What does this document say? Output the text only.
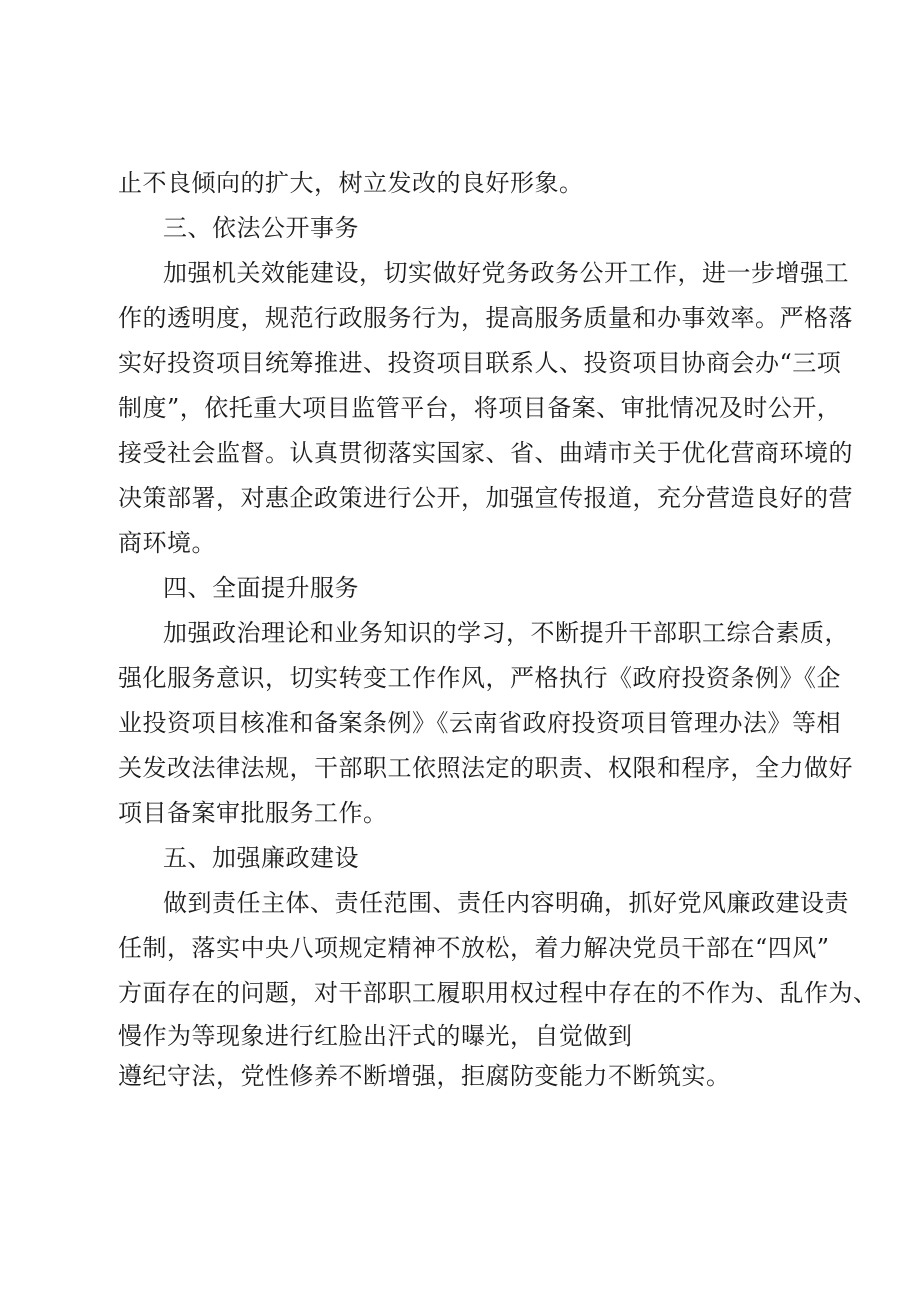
止不良倾向的扩大，树立发改的良好形象。
三、依法公开事务
加强机关效能建设，切实做好党务政务公开工作，进一步增强工
作的透明度，规范行政服务行为，提高服务质量和办事效率。严格落
实好投资项目统筹推进、投资项目联系人、投资项目协商会办“三项
制度”，依托重大项目监管平台，将项目备案、审批情况及时公开，
接受社会监督。认真贯彻落实国家、省、曲靖市关于优化营商环境的
决策部署，对惠企政策进行公开，加强宣传报道，充分营造良好的营
商环境。
四、全面提升服务
加强政治理论和业务知识的学习，不断提升干部职工综合素质，
强化服务意识，切实转变工作作风，严格执行《政府投资条例》《企
业投资项目核准和备案条例》《云南省政府投资项目管理办法》等相
关发改法律法规，干部职工依照法定的职责、权限和程序，全力做好
项目备案审批服务工作。
五、加强廉政建设
做到责任主体、责任范围、责任内容明确，抓好党风廉政建设责
任制，落实中央八项规定精神不放松，着力解决党员干部在“四风”
方面存在的问题，对干部职工履职用权过程中存在的不作为、乱作为、
慢作为等现象进行红脸出汗式的曝光，自觉做到
遵纪守法，党性修养不断增强，拒腐防变能力不断筑实。
